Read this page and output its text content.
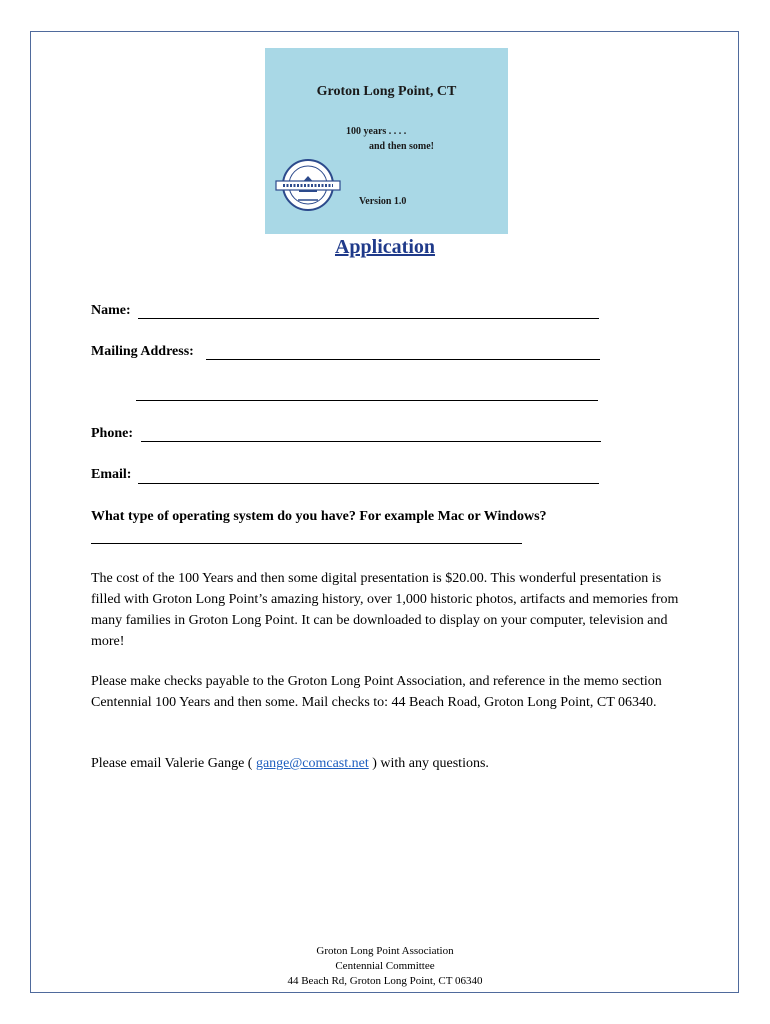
Groton Long Point, CT
100 years . . . .
and then some!
Version 1.0
Application
Name:
Mailing Address:
Phone:
Email:
What type of operating system do you have? For example Mac or Windows?
The cost of the 100 Years and then some digital presentation is $20.00. This wonderful presentation is filled with Groton Long Point’s amazing history, over 1,000 historic photos, artifacts and memories from many families in Groton Long Point. It can be downloaded to display on your computer, television and more!
Please make checks payable to the Groton Long Point Association, and reference in the memo section Centennial 100 Years and then some. Mail checks to: 44 Beach Road, Groton Long Point, CT 06340.
Please email Valerie Gange ( gange@comcast.net ) with any questions.
Groton Long Point Association
Centennial Committee
44 Beach Rd, Groton Long Point, CT 06340
